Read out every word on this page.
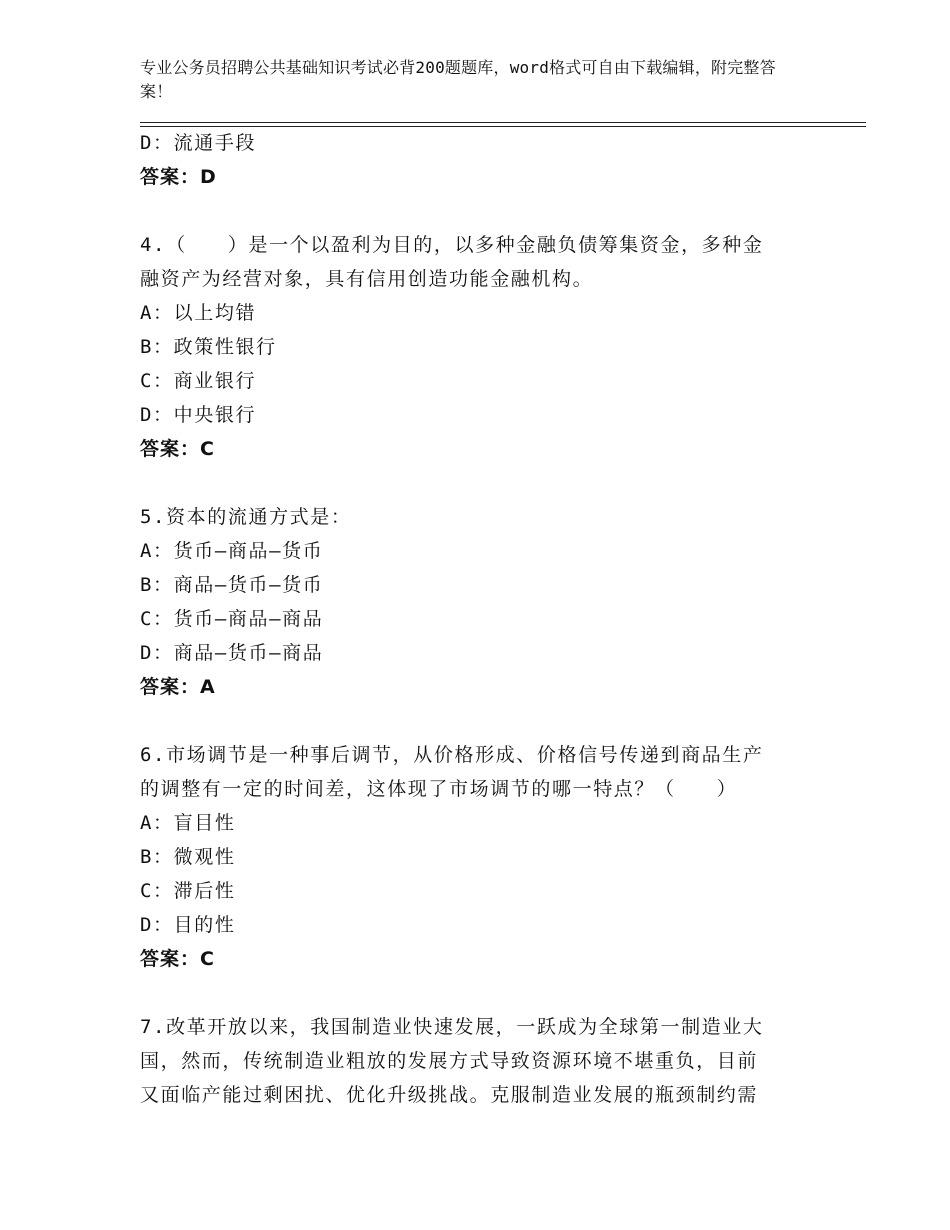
专业公务员招聘公共基础知识考试必背200题题库，word格式可自由下载编辑，附完整答案！
D：流通手段
答案：D
4.（　　）是一个以盈利为目的，以多种金融负债筹集资金，多种金
融资产为经营对象，具有信用创造功能金融机构。
A：以上均错
B：政策性银行
C：商业银行
D：中央银行
答案：C
5.资本的流通方式是：
A：货币—商品—货币
B：商品—货币—货币
C：货币—商品—商品
D：商品—货币—商品
答案：A
6.市场调节是一种事后调节，从价格形成、价格信号传递到商品生产
的调整有一定的时间差，这体现了市场调节的哪一特点？（　　）
A：盲目性
B：微观性
C：滞后性
D：目的性
答案：C
7.改革开放以来，我国制造业快速发展，一跃成为全球第一制造业大
国，然而，传统制造业粗放的发展方式导致资源环境不堪重负，目前
又面临产能过剩困扰、优化升级挑战。克服制造业发展的瓶颈制约需
